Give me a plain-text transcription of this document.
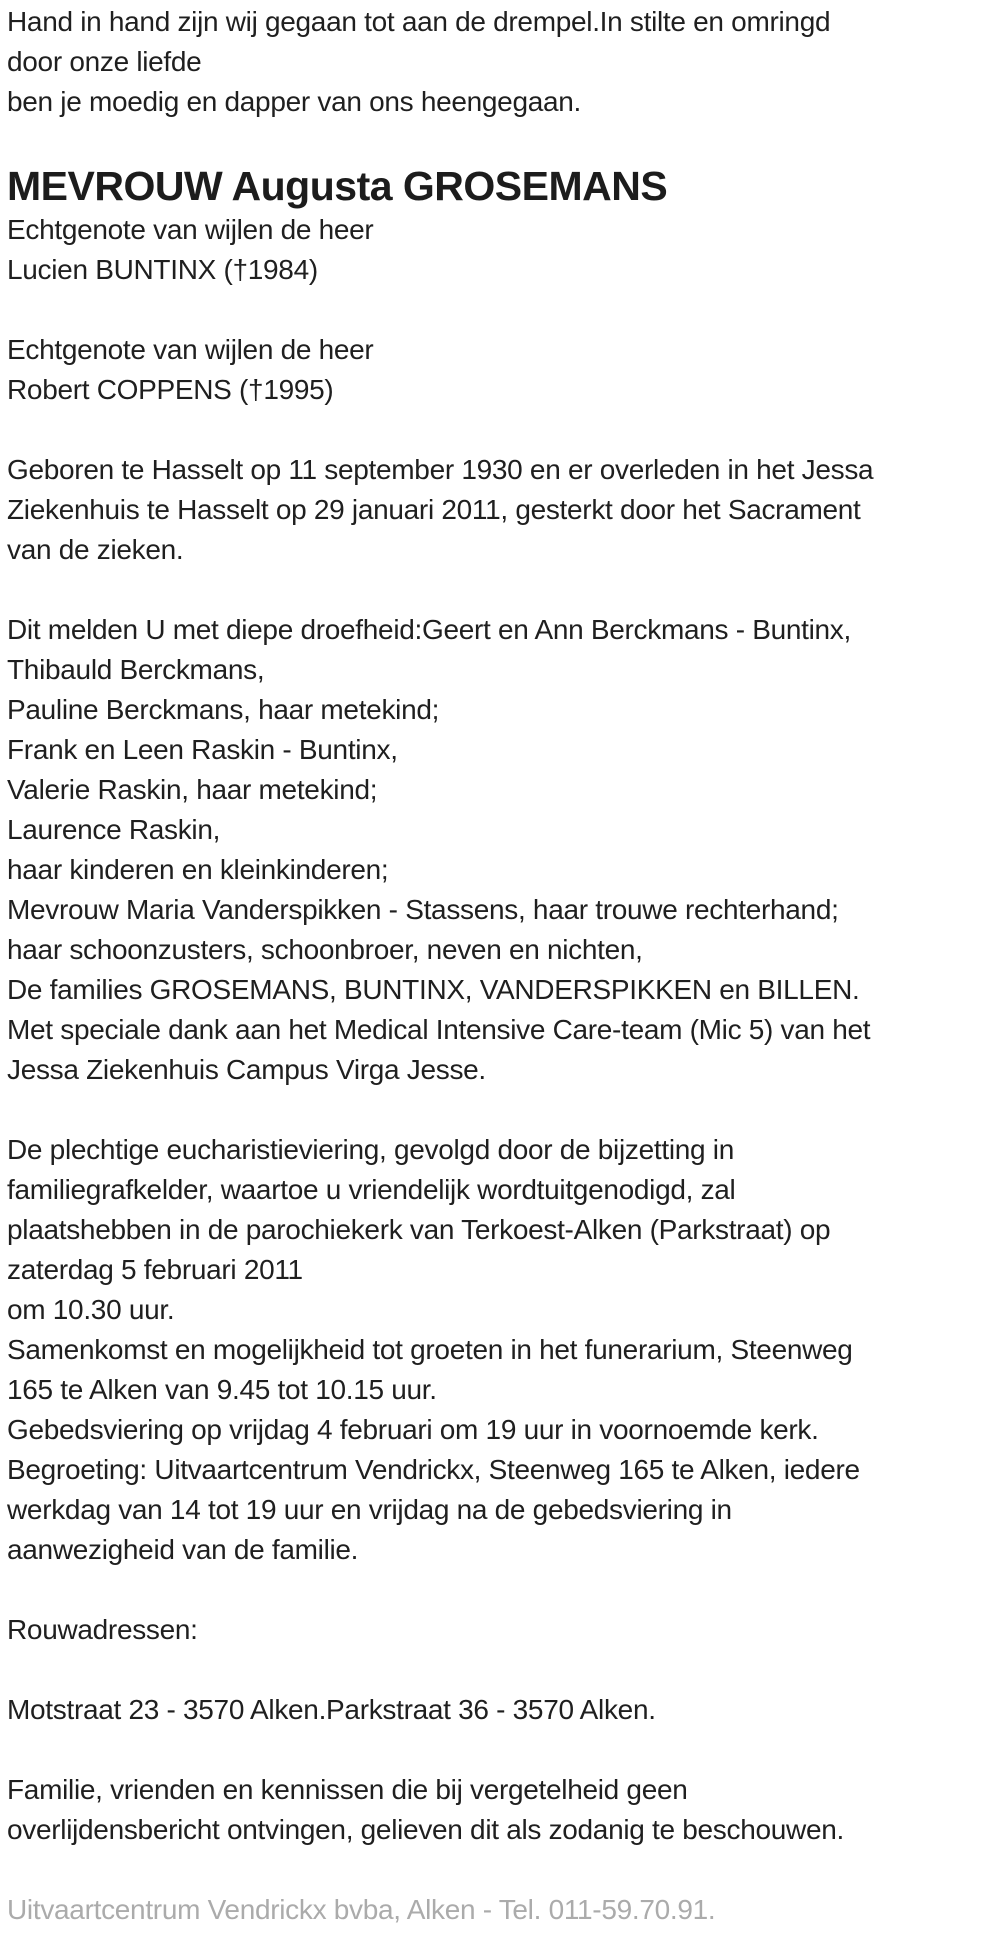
Hand in hand zijn wij gegaan tot aan de drempel.In stilte en omringd
door onze liefde
ben je moedig en dapper van ons heengegaan.
MEVROUW Augusta GROSEMANS
Echtgenote van wijlen de heer
Lucien BUNTINX (†1984)
Echtgenote van wijlen de heer
Robert COPPENS (†1995)
Geboren te Hasselt op 11 september 1930 en er overleden in het Jessa
Ziekenhuis te Hasselt op 29 januari 2011, gesterkt door het Sacrament
van de zieken.
Dit melden U met diepe droefheid:Geert en Ann Berckmans - Buntinx,
Thibauld Berckmans,
Pauline Berckmans, haar metekind;
Frank en Leen Raskin - Buntinx,
Valerie Raskin, haar metekind;
Laurence Raskin,
haar kinderen en kleinkinderen;
Mevrouw Maria Vanderspikken - Stassens, haar trouwe rechterhand;
haar schoonzusters, schoonbroer, neven en nichten,
De families GROSEMANS, BUNTINX, VANDERSPIKKEN en BILLEN.
Met speciale dank aan het Medical Intensive Care-team (Mic 5) van het
Jessa Ziekenhuis Campus Virga Jesse.
De plechtige eucharistieviering, gevolgd door de bijzetting in
familiegrafkelder, waartoe u vriendelijk wordtuitgenodigd, zal
plaatshebben in de parochiekerk van Terkoest-Alken (Parkstraat) op
zaterdag 5 februari 2011
om 10.30 uur.
Samenkomst en mogelijkheid tot groeten in het funerarium, Steenweg
165 te Alken van 9.45 tot 10.15 uur.
Gebedsviering op vrijdag 4 februari om 19 uur in voornoemde kerk.
Begroeting: Uitvaartcentrum Vendrickx, Steenweg 165 te Alken, iedere
werkdag van 14 tot 19 uur en vrijdag na de gebedsviering in
aanwezigheid van de familie.
Rouwadressen:
Motstraat 23 - 3570 Alken.Parkstraat 36 - 3570 Alken.
Familie, vrienden en kennissen die bij vergetelheid geen
overlijdensbericht ontvingen, gelieven dit als zodanig te beschouwen.
Uitvaartcentrum Vendrickx bvba, Alken - Tel. 011-59.70.91.
